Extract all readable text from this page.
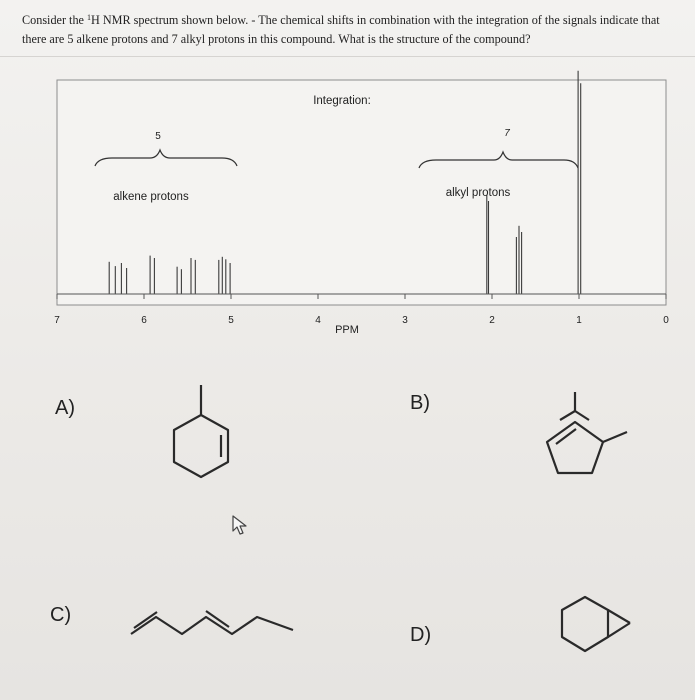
Consider the $^1$H NMR spectrum shown below. - The chemical shifts in combination with the integration of the signals indicate that there are 5 alkene protons and 7 alkyl protons in this compound. What is the structure of the compound?
Integration:
5	7
alkene protons	alkyl protons
7	6	5	4	3	2	1	0
PPM
A)	B)
C)
D)
